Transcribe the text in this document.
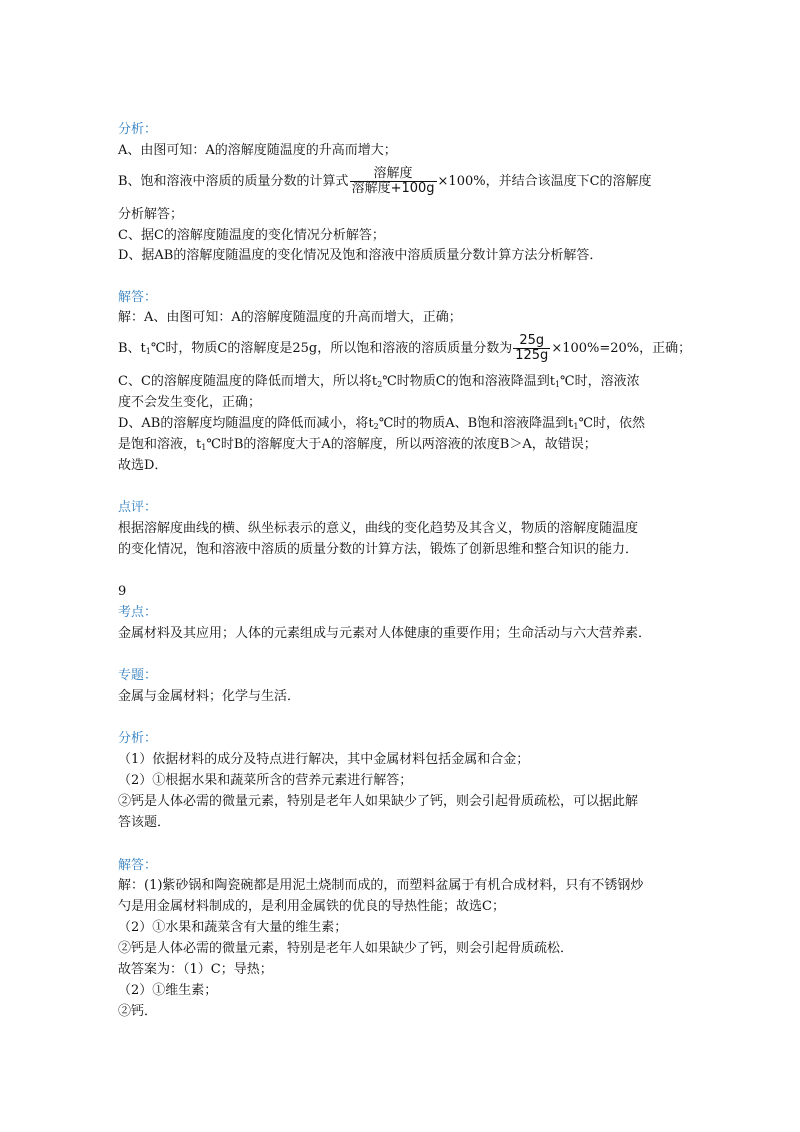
分析：

A、由图可知：A的溶解度随温度的升高而增大；

B、饱和溶液中溶质的质量分数的计算式 $\frac{\text{溶解度}}{\text{溶解度+100g}} \times 100\%$，并结合该温度下C的溶解度

分析解答；

C、据C的溶解度随温度的变化情况分析解答；

D、据AB的溶解度随温度的变化情况及饱和溶液中溶质质量分数计算方法分析解答．

解答：

解：A、由图可知：A的溶解度随温度的升高而增大，正确；

B、$t_1℃$时，物质C的溶解度是25g，所以饱和溶液的溶质质量分数为 $\frac{25g}{125g} \times 100\%=20\%$，正确；

C、C的溶解度随温度的降低而增大，所以将$t_2℃$时物质C的饱和溶液降温到$t_1℃$时，溶液浓

度不会发生变化，正确；

D、AB的溶解度均随温度的降低而减小，将$t_2℃$时的物质A、B饱和溶液降温到$t_1℃$时，依然

是饱和溶液，$t_1℃$时B的溶解度大于A的溶解度，所以两溶液的浓度B＞A，故错误；

故选D．

点评：

根据溶解度曲线的横、纵坐标表示的意义，曲线的变化趋势及其含义，物质的溶解度随温度

的变化情况，饱和溶液中溶质的质量分数的计算方法，锻炼了创新思维和整合知识的能力．

9

考点：

金属材料及其应用；人体的元素组成与元素对人体健康的重要作用；生命活动与六大营养素．

专题：

金属与金属材料；化学与生活．

分析：

（1）依据材料的成分及特点进行解决，其中金属材料包括金属和合金；

（2）①根据水果和蔬菜所含的营养元素进行解答；

②钙是人体必需的微量元素，特别是老年人如果缺少了钙，则会引起骨质疏松，可以据此解

答该题．

解答：

解：(1)紫砂锅和陶瓷碗都是用泥土烧制而成的，而塑料盆属于有机合成材料，只有不锈钢炒

勺是用金属材料制成的，是利用金属铁的优良的导热性能；故选C；

（2）①水果和蔬菜含有大量的维生素；

②钙是人体必需的微量元素，特别是老年人如果缺少了钙，则会引起骨质疏松．

故答案为：（1）C；导热；

（2）①维生素；

②钙．
